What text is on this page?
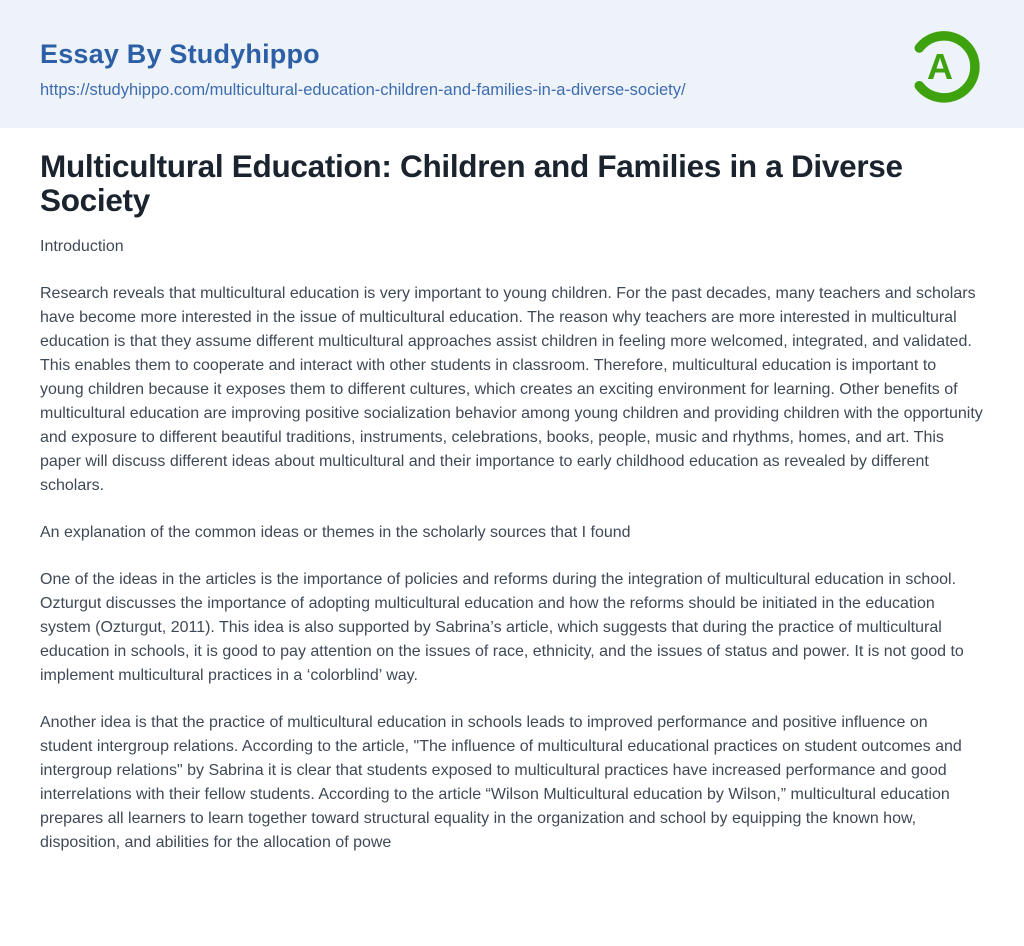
Essay By Studyhippo
https://studyhippo.com/multicultural-education-children-and-families-in-a-diverse-society/
A
Multicultural Education: Children and Families in a Diverse Society

Introduction

Research reveals that multicultural education is very important to young children. For the past decades, many teachers and scholars have become more interested in the issue of multicultural education. The reason why teachers are more interested in multicultural education is that they assume different multicultural approaches assist children in feeling more welcomed, integrated, and validated. This enables them to cooperate and interact with other students in classroom. Therefore, multicultural education is important to young children because it exposes them to different cultures, which creates an exciting environment for learning. Other benefits of multicultural education are improving positive socialization behavior among young children and providing children with the opportunity and exposure to different beautiful traditions, instruments, celebrations, books, people, music and rhythms, homes, and art. This paper will discuss different ideas about multicultural and their importance to early childhood education as revealed by different scholars.

An explanation of the common ideas or themes in the scholarly sources that I found

One of the ideas in the articles is the importance of policies and reforms during the integration of multicultural education in school. Ozturgut discusses the importance of adopting multicultural education and how the reforms should be initiated in the education system (Ozturgut, 2011). This idea is also supported by Sabrina’s article, which suggests that during the practice of multicultural education in schools, it is good to pay attention on the issues of race, ethnicity, and the issues of status and power. It is not good to implement multicultural practices in a ‘colorblind’ way.

Another idea is that the practice of multicultural education in schools leads to improved performance and positive influence on student intergroup relations. According to the article, "The influence of multicultural educational practices on student outcomes and intergroup relations" by Sabrina it is clear that students exposed to multicultural practices have increased performance and good interrelations with their fellow students. According to the article “Wilson Multicultural education by Wilson,” multicultural education prepares all learners to learn together toward structural equality in the organization and school by equipping the known how, disposition, and abilities for the allocation of powe
